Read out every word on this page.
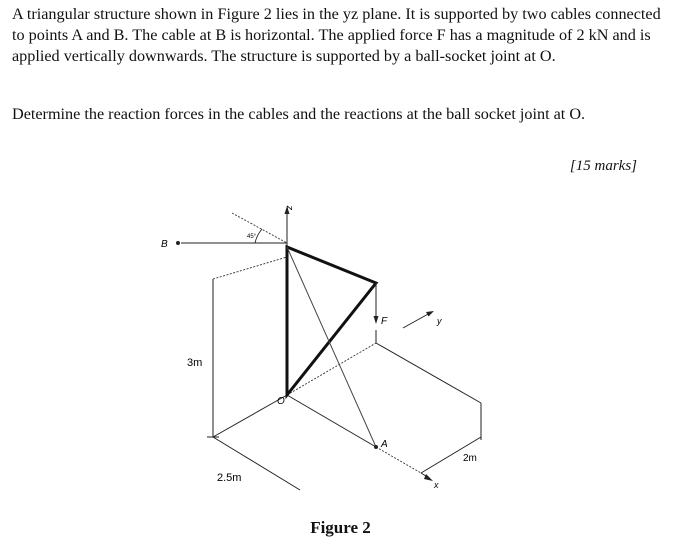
A triangular structure shown in Figure 2 lies in the yz plane. It is supported by two cables connected to points A and B. The cable at B is horizontal. The applied force F has a magnitude of 2 kN and is applied vertically downwards. The structure is supported by a ball-socket joint at O.

Determine the reaction forces in the cables and the reactions at the ball socket joint at O.

[15 marks]
z
B
45°
3m
2.5m
O
F	y
A
2m
x
Figure 2
